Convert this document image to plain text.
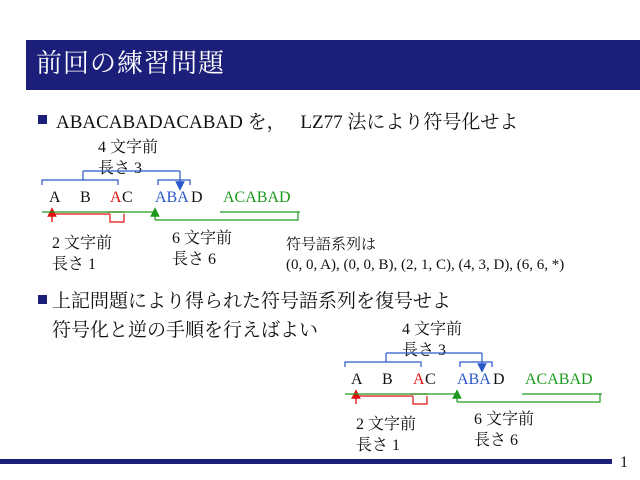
前回の練習問題
ABACABADACABAD を， LZ77 法により符号化せよ
4 文字前
長さ 3
A B A C ABA D ACABAD
2 文字前
長さ 1
6 文字前
長さ 6
符号語系列は
(0, 0, A), (0, 0, B), (2, 1, C), (4, 3, D), (6, 6, *)
上記問題により得られた符号語系列を復号せよ
符号化と逆の手順を行えばよい	4 文字前
長さ 3
A B A C ABA D ACABAD
2 文字前
長さ 1
6 文字前
長さ 6
1
